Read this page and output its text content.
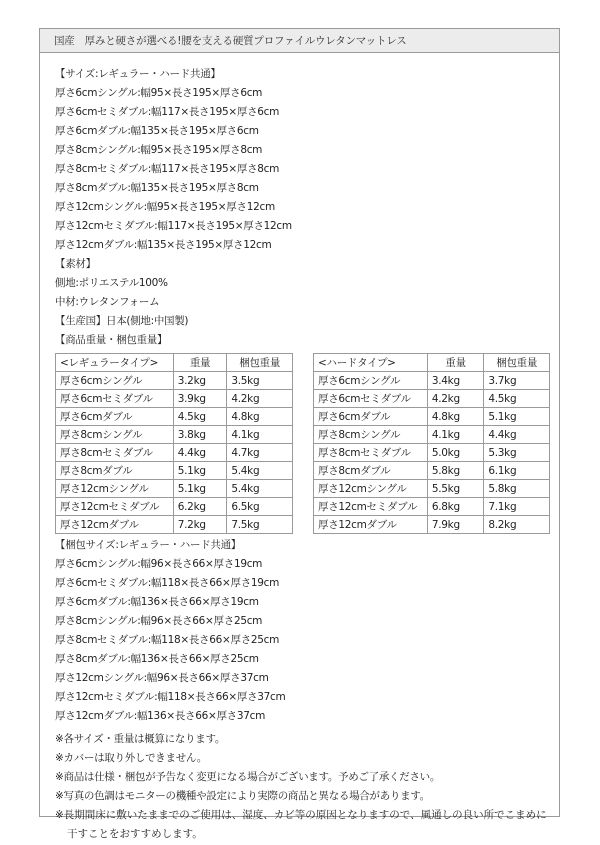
国産 厚みと硬さが選べる!腰を支える硬質プロファイルウレタンマットレス
【サイズ:レギュラー・ハード共通】
厚さ6cmシングル:幅95×長さ195×厚さ6cm
厚さ6cmセミダブル:幅117×長さ195×厚さ6cm
厚さ6cmダブル:幅135×長さ195×厚さ6cm
厚さ8cmシングル:幅95×長さ195×厚さ8cm
厚さ8cmセミダブル:幅117×長さ195×厚さ8cm
厚さ8cmダブル:幅135×長さ195×厚さ8cm
厚さ12cmシングル:幅95×長さ195×厚さ12cm
厚さ12cmセミダブル:幅117×長さ195×厚さ12cm
厚さ12cmダブル:幅135×長さ195×厚さ12cm
【素材】
側地:ポリエステル100%
中材:ウレタンフォーム
【生産国】日本(側地:中国製)
【商品重量・梱包重量】
<レギュラータイプ>	重量	梱包重量
厚さ6cmシングル	3.2kg	3.5kg
厚さ6cmセミダブル	3.9kg	4.2kg
厚さ6cmダブル	4.5kg	4.8kg
厚さ8cmシングル	3.8kg	4.1kg
厚さ8cmセミダブル	4.4kg	4.7kg
厚さ8cmダブル	5.1kg	5.4kg
厚さ12cmシングル	5.1kg	5.4kg
厚さ12cmセミダブル	6.2kg	6.5kg
厚さ12cmダブル	7.2kg	7.5kg
<ハードタイプ>	重量	梱包重量
厚さ6cmシングル	3.4kg	3.7kg
厚さ6cmセミダブル	4.2kg	4.5kg
厚さ6cmダブル	4.8kg	5.1kg
厚さ8cmシングル	4.1kg	4.4kg
厚さ8cmセミダブル	5.0kg	5.3kg
厚さ8cmダブル	5.8kg	6.1kg
厚さ12cmシングル	5.5kg	5.8kg
厚さ12cmセミダブル	6.8kg	7.1kg
厚さ12cmダブル	7.9kg	8.2kg
【梱包サイズ:レギュラー・ハード共通】
厚さ6cmシングル:幅96×長さ66×厚さ19cm
厚さ6cmセミダブル:幅118×長さ66×厚さ19cm
厚さ6cmダブル:幅136×長さ66×厚さ19cm
厚さ8cmシングル:幅96×長さ66×厚さ25cm
厚さ8cmセミダブル:幅118×長さ66×厚さ25cm
厚さ8cmダブル:幅136×長さ66×厚さ25cm
厚さ12cmシングル:幅96×長さ66×厚さ37cm
厚さ12cmセミダブル:幅118×長さ66×厚さ37cm
厚さ12cmダブル:幅136×長さ66×厚さ37cm
※各サイズ・重量は概算になります。
※カバーは取り外しできません。
※商品は仕様・梱包が予告なく変更になる場合がございます。予めご了承ください。
※写真の色調はモニターの機種や設定により実際の商品と異なる場合があります。
※長期間床に敷いたままでのご使用は、湿度、カビ等の原因となりますので、風通しの良い所でこまめに干すことをおすすめします。
